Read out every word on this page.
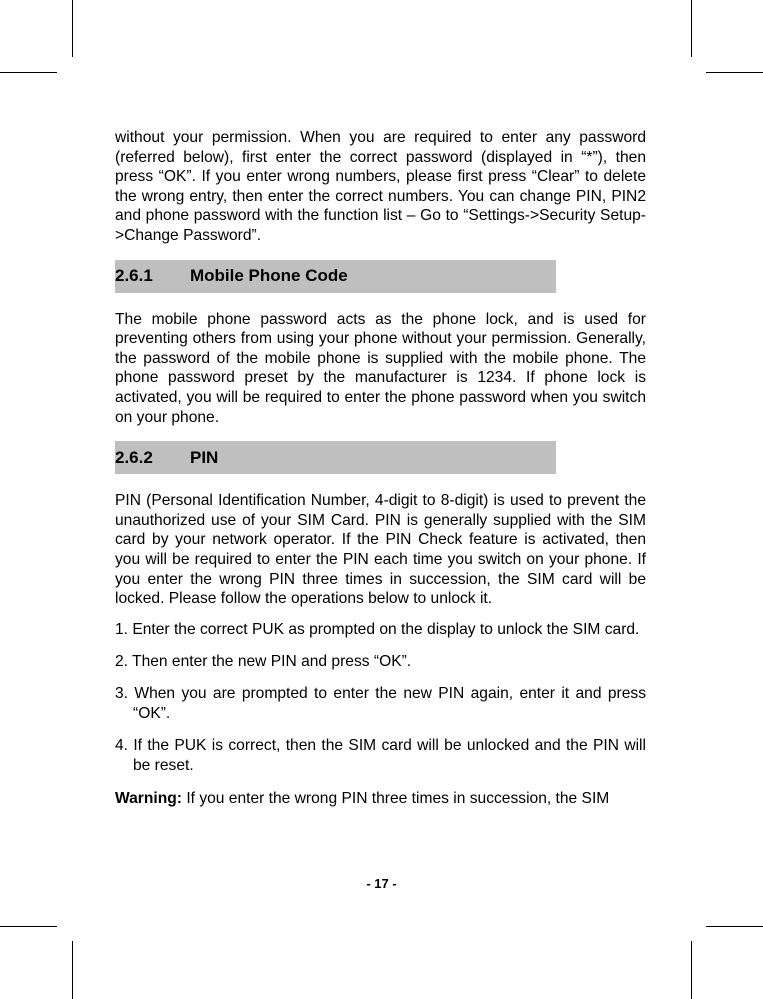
without your permission. When you are required to enter any password (referred below), first enter the correct password (displayed in “*”), then press “OK”. If you enter wrong numbers, please first press “Clear” to delete the wrong entry, then enter the correct numbers. You can change PIN, PIN2 and phone password with the function list – Go to “Settings->Security Setup->Change Password”.

2.6.1	Mobile Phone Code

The mobile phone password acts as the phone lock, and is used for preventing others from using your phone without your permission. Generally, the password of the mobile phone is supplied with the mobile phone. The phone password preset by the manufacturer is 1234. If phone lock is activated, you will be required to enter the phone password when you switch on your phone.

2.6.2	PIN

PIN (Personal Identification Number, 4-digit to 8-digit) is used to prevent the unauthorized use of your SIM Card. PIN is generally supplied with the SIM card by your network operator. If the PIN Check feature is activated, then you will be required to enter the PIN each time you switch on your phone. If you enter the wrong PIN three times in succession, the SIM card will be locked. Please follow the operations below to unlock it.

1. Enter the correct PUK as prompted on the display to unlock the SIM card.

2. Then enter the new PIN and press “OK”.

3. When you are prompted to enter the new PIN again, enter it and press “OK”.

4. If the PUK is correct, then the SIM card will be unlocked and the PIN will be reset.

Warning: If you enter the wrong PIN three times in succession, the SIM

- 17 -
